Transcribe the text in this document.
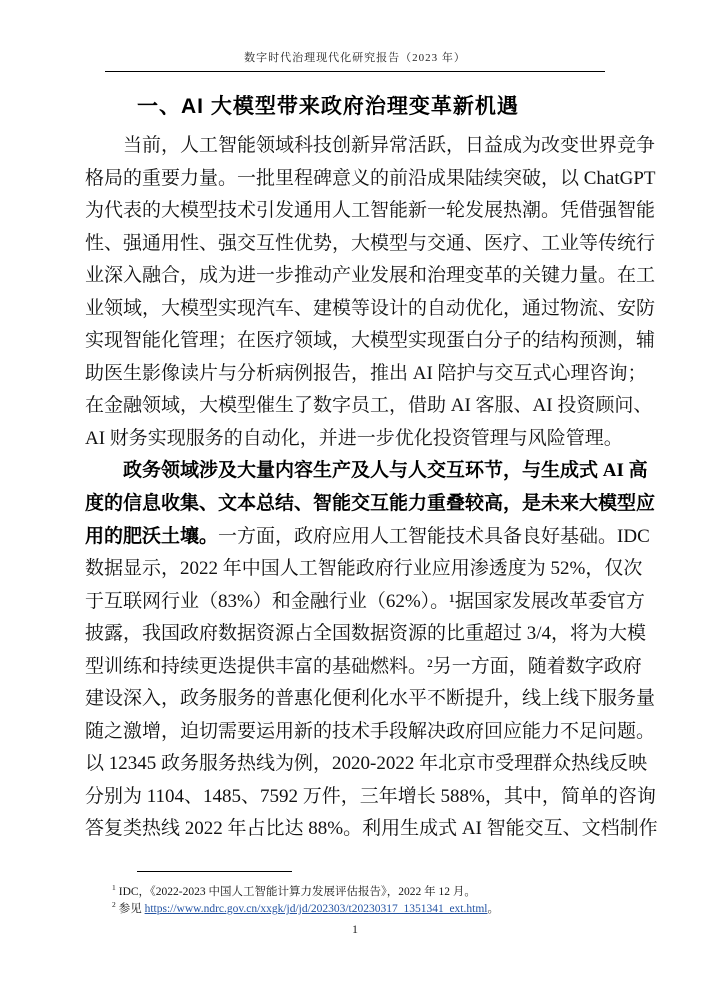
数字时代治理现代化研究报告（2023 年）
一、AI 大模型带来政府治理变革新机遇
当前，人工智能领域科技创新异常活跃，日益成为改变世界竞争
格局的重要力量。一批里程碑意义的前沿成果陆续突破，以 ChatGPT
为代表的大模型技术引发通用人工智能新一轮发展热潮。凭借强智能
性、强通用性、强交互性优势，大模型与交通、医疗、工业等传统行
业深入融合，成为进一步推动产业发展和治理变革的关键力量。在工
业领域，大模型实现汽车、建模等设计的自动优化，通过物流、安防
实现智能化管理；在医疗领域，大模型实现蛋白分子的结构预测，辅
助医生影像读片与分析病例报告，推出 AI 陪护与交互式心理咨询；
在金融领域，大模型催生了数字员工，借助 AI 客服、AI 投资顾问、
AI 财务实现服务的自动化，并进一步优化投资管理与风险管理。
政务领域涉及大量内容生产及人与人交互环节，与生成式 AI 高
度的信息收集、文本总结、智能交互能力重叠较高，是未来大模型应
用的肥沃土壤。一方面，政府应用人工智能技术具备良好基础。IDC
数据显示，2022 年中国人工智能政府行业应用渗透度为 52%，仅次
于互联网行业（83%）和金融行业（62%）。¹据国家发展改革委官方
披露，我国政府数据资源占全国数据资源的比重超过 3/4，将为大模
型训练和持续更迭提供丰富的基础燃料。²另一方面，随着数字政府
建设深入，政务服务的普惠化便利化水平不断提升，线上线下服务量
随之激增，迫切需要运用新的技术手段解决政府回应能力不足问题。
以 12345 政务服务热线为例，2020-2022 年北京市受理群众热线反映
分别为 1104、1485、7592 万件，三年增长 588%，其中，简单的咨询
答复类热线 2022 年占比达 88%。利用生成式 AI 智能交互、文档制作
$^1$ IDC，《2022-2023 中国人工智能计算力发展评估报告》，2022 年 12 月。
$^2$ 参见 https://www.ndrc.gov.cn/xxgk/jd/jd/202303/t20230317_1351341_ext.html。
1
